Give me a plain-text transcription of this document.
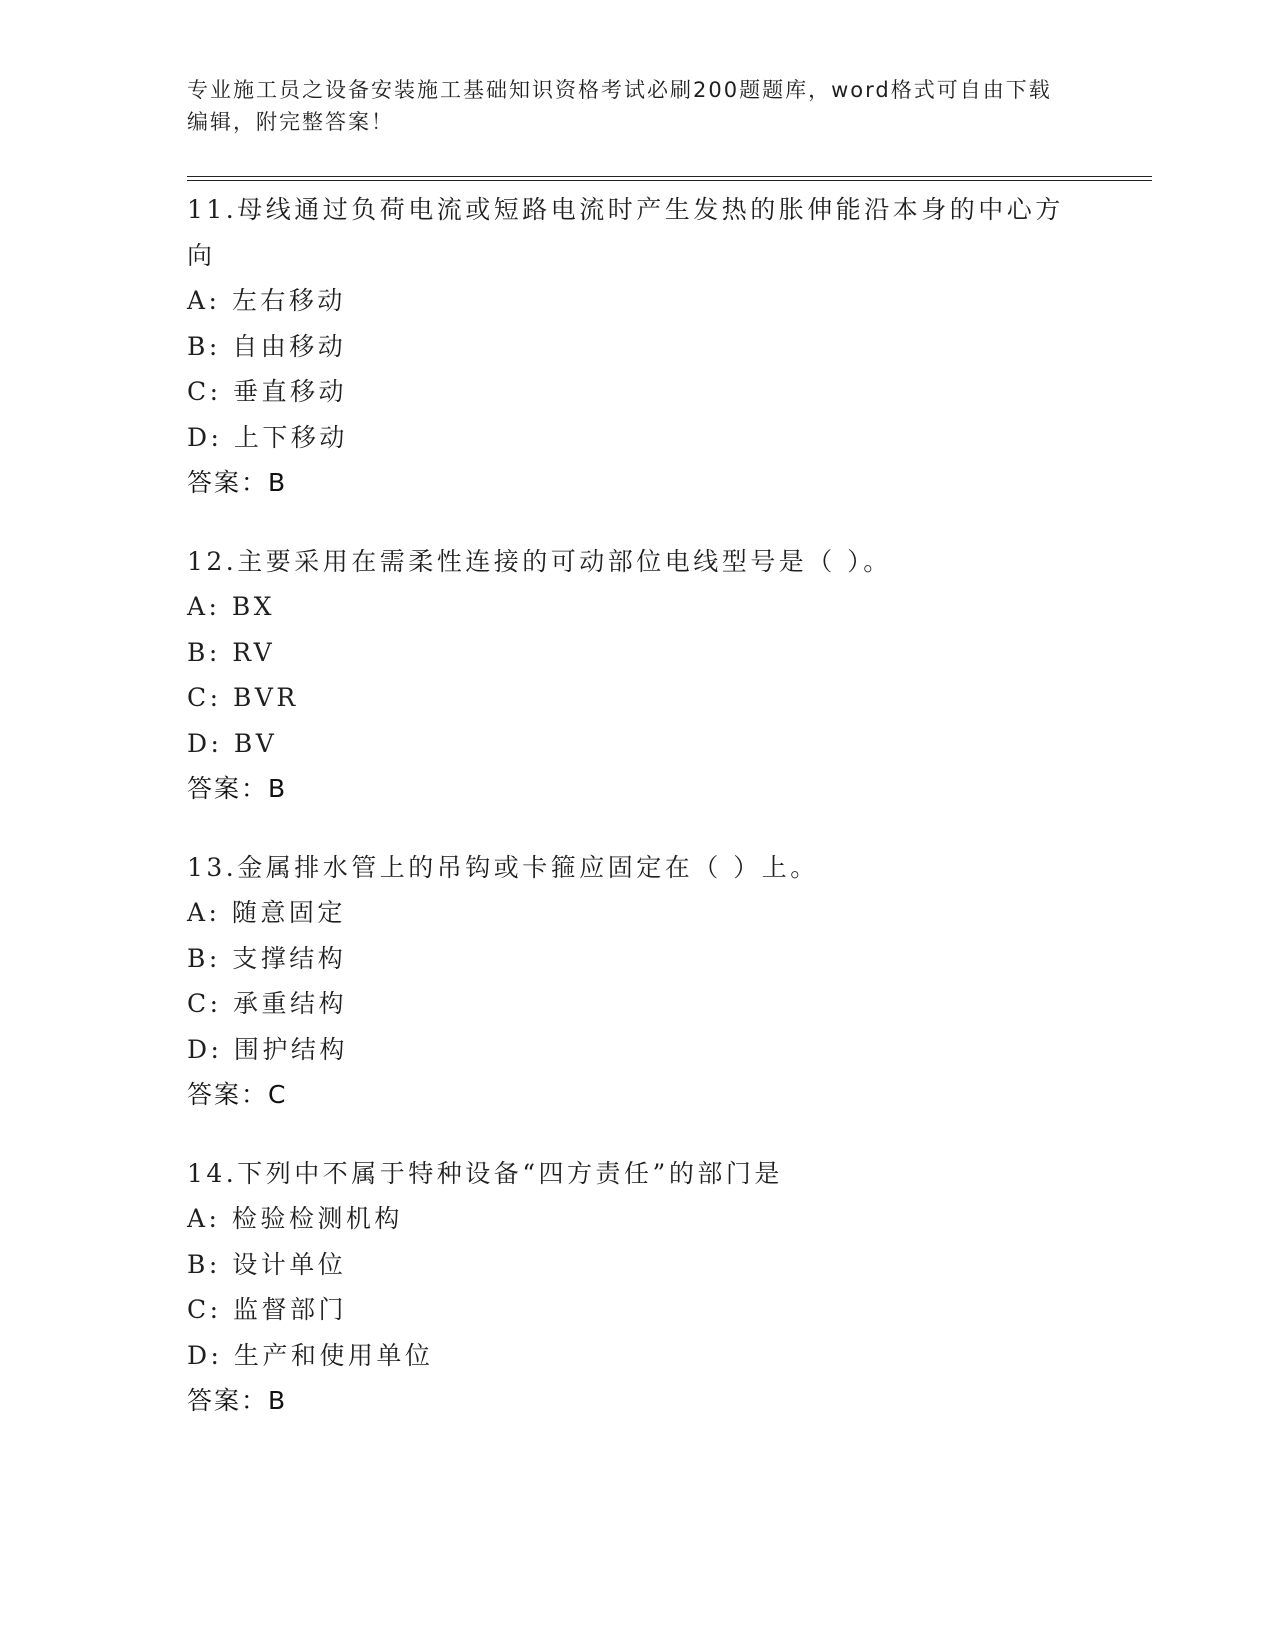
专业施工员之设备安装施工基础知识资格考试必刷200题题库，word格式可自由下载编辑，附完整答案！
11.母线通过负荷电流或短路电流时产生发热的胀伸能沿本身的中心方向
A: 左右移动
B: 自由移动
C: 垂直移动
D: 上下移动
答案：B
12.主要采用在需柔性连接的可动部位电线型号是（ ）。
A: BX
B: RV
C: BVR
D: BV
答案：B
13.金属排水管上的吊钩或卡箍应固定在（ ）上。
A: 随意固定
B: 支撑结构
C: 承重结构
D: 围护结构
答案：C
14.下列中不属于特种设备“四方责任”的部门是
A: 检验检测机构
B: 设计单位
C: 监督部门
D: 生产和使用单位
答案：B
